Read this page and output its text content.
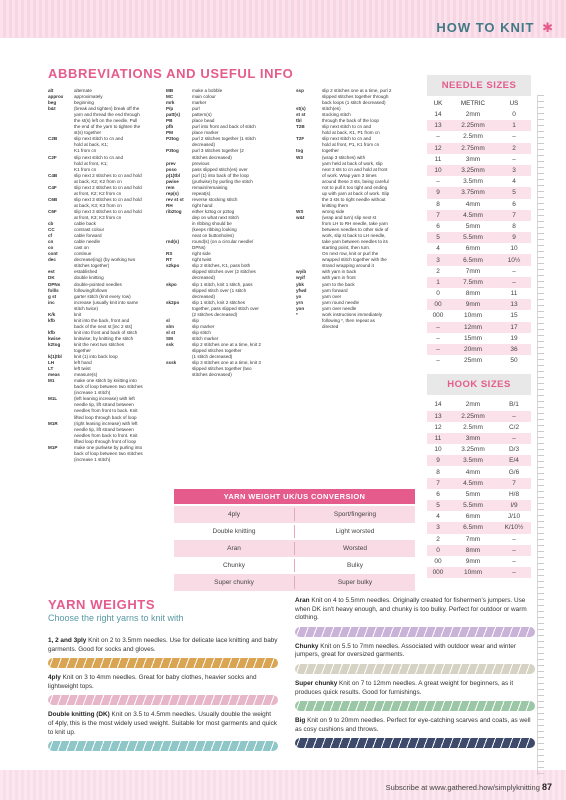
HOW TO KNIT ✱
ABBREVIATIONS AND USEFUL INFO
alt	alternate
approx	approximately
beg	beginning
b&t	(break and tighten) break off the
yarn and thread the end through
the st(s) left on the needle. Pull
the end of the yarn to tighten the
st(s) together
C2B	slip next stitch to cn and
hold at back, K1;
K1 from cn
C2F	slip next stitch to cn and
hold at front, K1;
K1 from cn
C4B	slip next 2 stitches to cn and hold
at back, K2; K2 from cn
C4F	slip next 2 stitches to cn and hold
at front, K2; K2 from cn
C6B	slip next 3 stitches to cn and hold
at back, K3; K3 from cn
C6F	slip next 3 stitches to cn and hold
at front, K3; K3 from cn
cb	cable back
CC	contrast colour
cf	cable forward
cn	cable needle
co	cast on
cont	continue
dec	decrease(ing) (by working two
stitches together)
est	established
DK	double knitting
DPNs	double-pointed needles
foll/s	following/follows
g st	garter stitch (knit every row)
inc	increase (usually knit into same
stitch twice)
K/k	knit
kfb	knit into the back, front and
back of the next st [inc 2 sts]
kfb	knit into front and back of stitch
kwise	knitwise; by knitting the stitch
k2tog	knit the next two stitches
together
k(1)tbl	knit (1) into back loop
LH	left hand
LT	left twist
meas	measure(s)
M1	make one stitch by knitting into
back of loop between two stitches
(increase 1 stitch)
M1L	(left leaning increase) with left
needle tip, lift strand between
needles from front to back. Knit
lifted loop through back of loop
M1R	(right leaning increase) with left
needle tip, lift strand between
needles from back to front. Knit
lifted loop through front of loop
M1P	make one purlwise by purling into
back of loop between two stitches
(increase 1 stitch)
MB	make a bobble
MC	main colour
mrk	marker
P/p	purl
patt(s)	pattern(s)
PB	place bead
pfb	purl into front and back of stitch
PM	place marker
P2tog	purl 2 stitches together (1 stitch
decreased)
P3tog	purl 3 stitches together (2
stitches decreased)
prev	previous
psso	pass slipped stitch(es) over
p(1)tbl	purl (1) into back of the loop
pwise	(purlwise) by purling the stitch
rem	remain/remaining
rep(s)	repeat(s)
rev st st	reverse stocking stitch
RH	right hand
rib2tog	either k2tog or p2tog
dep on what next stitch
in ribbing should be
(keeps ribbing looking
neat on buttonholes)
rnd(s)	round(s) (on a circular needle/
DPNs)
RS	right side
RT	right twist
s2kpo	slip 2 stitches, K1, pass both
slipped stitches over (2 stitches
decreased)
skpo	slip 1 stitch, knit 1 stitch, pass
slipped stitch over (1 stitch
decreased)
sk2po	slip 1 stitch, knit 2 stitches
together, pass slipped stitch over
(2 stitches decreased)
sl	slip
slm	slip marker
sl st	slip stitch
SM	stitch marker
ssk	slip 2 stitches one at a time, knit 2
slipped stitches together
(1 stitch decreased)
sssk	slip 3 stitches one at a time, knit 3
slipped stitches together (two
stitches decreased)
ssp	slip 2 stitches one at a time, purl 2
slipped stitches together through
back loops (1 stitch decreased)
st(s)	stitch(es)
st st	stocking stitch
tbl	through the back of the loop
T2B	slip next stitch to cn and
hold at back, K1, P1 from cn
T2F	slip next stitch to cn and
hold at front, P1, K1 from cn
tog	together
W3	(wrap 3 stitches) with
yarn held at back of work, slip
next 3 sts to cn and hold at front
of work. Wrap yarn 3 times
around these 3 sts, being careful
not to pull it too tight and ending
up with yarn at back of work. Slip
the 3 sts to right needle without
knitting them
WS	wrong side
w&t	(wrap and turn) slip next st
from LH to RH needle, take yarn
between needles to other side of
work, slip st back to LH needle,
take yarn between needles to its
starting point, then turn.
On next row, knit or purl the
wrapped stitch together with the
strand wrapping around it
wyib	with yarn in back
wyif	with yarn in front
ybk	yarn to the back
yfwd	yarn forward
yo	yarn over
yrn	yarn round needle
yon	yarn over needle
*	work instructions immediately
following *, then repeat as
directed
YARN WEIGHT UK/US CONVERSION
4ply	Sport/fingering
Double knitting	Light worsted
Aran	Worsted
Chunky	Bulky
Super chunky	Super bulky
NEEDLE SIZES
UK	METRIC	US
14	2mm	0
13	2.25mm	1
–	2.5mm	–
12	2.75mm	2
11	3mm	–
10	3.25mm	3
–	3.5mm	4
9	3.75mm	5
8	4mm	6
7	4.5mm	7
6	5mm	8
5	5.5mm	9
4	6mm	10
3	6.5mm	10½
2	7mm	–
1	7.5mm	–
0	8mm	11
00	9mm	13
000	10mm	15
–	12mm	17
–	15mm	19
–	20mm	36
–	25mm	50
HOOK SIZES
14	2mm	B/1
13	2.25mm	–
12	2.5mm	C/2
11	3mm	–
10	3.25mm	D/3
9	3.5mm	E/4
8	4mm	G/6
7	4.5mm	7
6	5mm	H/8
5	5.5mm	I/9
4	6mm	J/10
3	6.5mm	K/10½
2	7mm	–
0	8mm	–
00	9mm	–
000	10mm	–
YARN WEIGHTS
Choose the right yarns to knit with
1, 2 and 3ply Knit on 2 to 3.5mm needles. Use for delicate lace knitting and baby garments. Good for socks and gloves.
4ply Knit on 3 to 4mm needles. Great for baby clothes, heavier socks and lightweight tops.
Double knitting (DK) Knit on 3.5 to 4.5mm needles. Usually double the weight of 4ply, this is the most widely used weight. Suitable for most garments and quick to knit up.
Aran Knit on 4 to 5.5mm needles. Originally created for fishermen's jumpers. Use when DK isn't heavy enough, and chunky is too bulky. Perfect for outdoor or warm clothing.
Chunky Knit on 5.5 to 7mm needles. Associated with outdoor wear and winter jumpers, great for oversized garments.
Super chunky Knit on 7 to 12mm needles. A great weight for beginners, as it produces quick results. Good for furnishings.
Big Knit on 9 to 20mm needles. Perfect for eye-catching scarves and coats, as well as cosy cushions and throws.
Subscribe at www.gathered.how/simplyknitting 87
